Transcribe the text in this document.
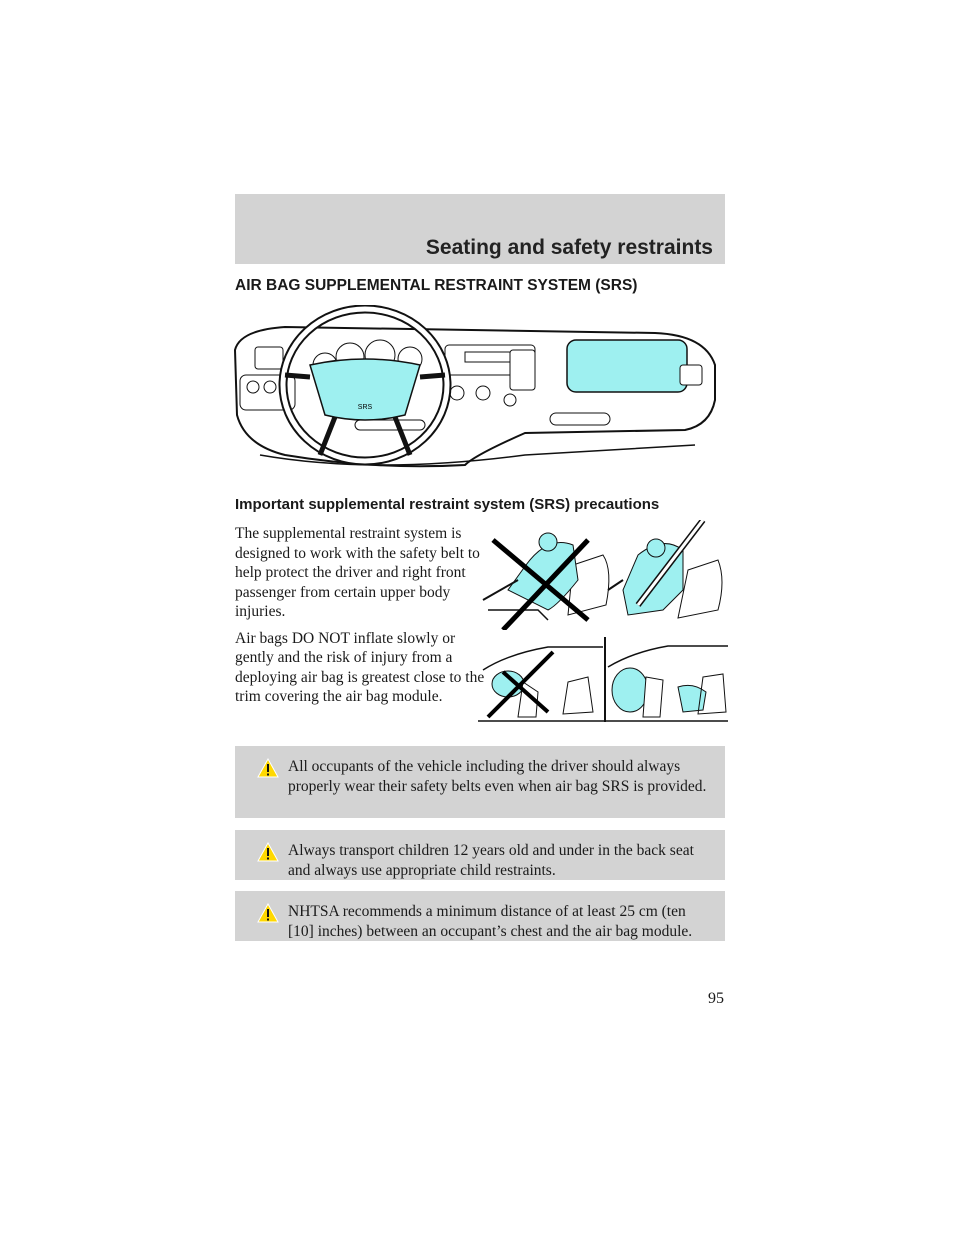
Seating and safety restraints
AIR BAG SUPPLEMENTAL RESTRAINT SYSTEM (SRS)
SRS
Important supplemental restraint system (SRS) precautions

The supplemental restraint system is designed to work with the safety belt to help protect the driver and right front passenger from certain upper body injuries.

Air bags DO NOT inflate slowly or gently and the risk of injury from a deploying air bag is greatest close to the trim covering the air bag module.

All occupants of the vehicle including the driver should always properly wear their safety belts even when air bag SRS is provided.
Always transport children 12 years old and under in the back seat and always use appropriate child restraints.
NHTSA recommends a minimum distance of at least 25 cm (ten [10] inches) between an occupant’s chest and the air bag module.
95
